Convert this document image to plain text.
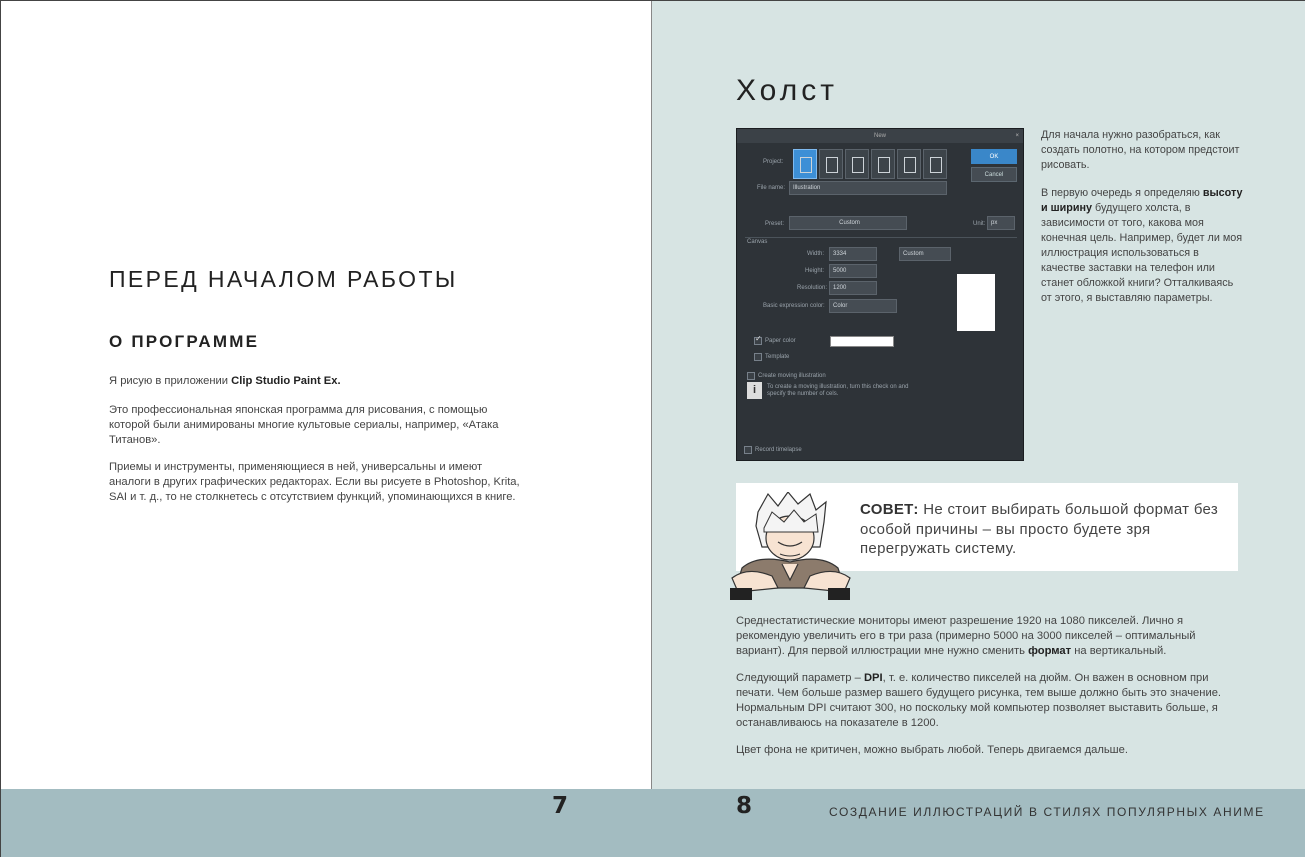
ПЕРЕД НАЧАЛОМ РАБОТЫ
О ПРОГРАММЕ

Я рисую в приложении Clip Studio Paint Ex.

Это профессиональная японская программа для рисования, с помощью которой были анимированы многие культовые сериалы, например, «Атака Титанов».

Приемы и инструменты, применяющиеся в ней, универсальны и имеют аналоги в других графических редакторах. Если вы рисуете в Photoshop, Krita, SAI и т. д., то не столкнетесь с отсутствием функций, упоминающихся в книге.

7
Холст
New	×
Project:
OK
Cancel
File name:	Illustration
Preset:	Custom	Unit: px
Canvas
Width:	3334	Custom
Height:	5000
Resolution: 1200
Basic expression color:	Color
✓
Paper color
Template
Create moving illustration
i	To create a moving illustration, turn this check on and specify the number of cels.
Record timelapse

Для начала нужно разобраться, как создать полотно, на котором предстоит рисовать.

В первую очередь я определяю высоту и ширину будущего холста, в зависимости от того, какова моя конечная цель. Например, будет ли моя иллюстрация использоваться в качестве заставки на телефон или станет обложкой книги? Отталкиваясь от этого, я выставляю параметры.

СОВЕТ: Не стоит выбирать большой формат без особой причины – вы просто будете зря перегружать систему.

Среднестатистические мониторы имеют разрешение 1920 на 1080 пикселей. Лично я рекомендую увеличить его в три раза (примерно 5000 на 3000 пикселей – оптимальный вариант). Для первой иллюстрации мне нужно сменить формат на вертикальный.

Следующий параметр – DPI, т. е. количество пикселей на дюйм. Он важен в основном при печати. Чем больше размер вашего будущего рисунка, тем выше должно быть это значение. Нормальным DPI считают 300, но поскольку мой компьютер позволяет выставить больше, я останавливаюсь на показателе в 1200.

Цвет фона не критичен, можно выбрать любой. Теперь двигаемся дальше.

8	СОЗДАНИЕ ИЛЛЮСТРАЦИЙ В СТИЛЯХ ПОПУЛЯРНЫХ АНИМЕ
